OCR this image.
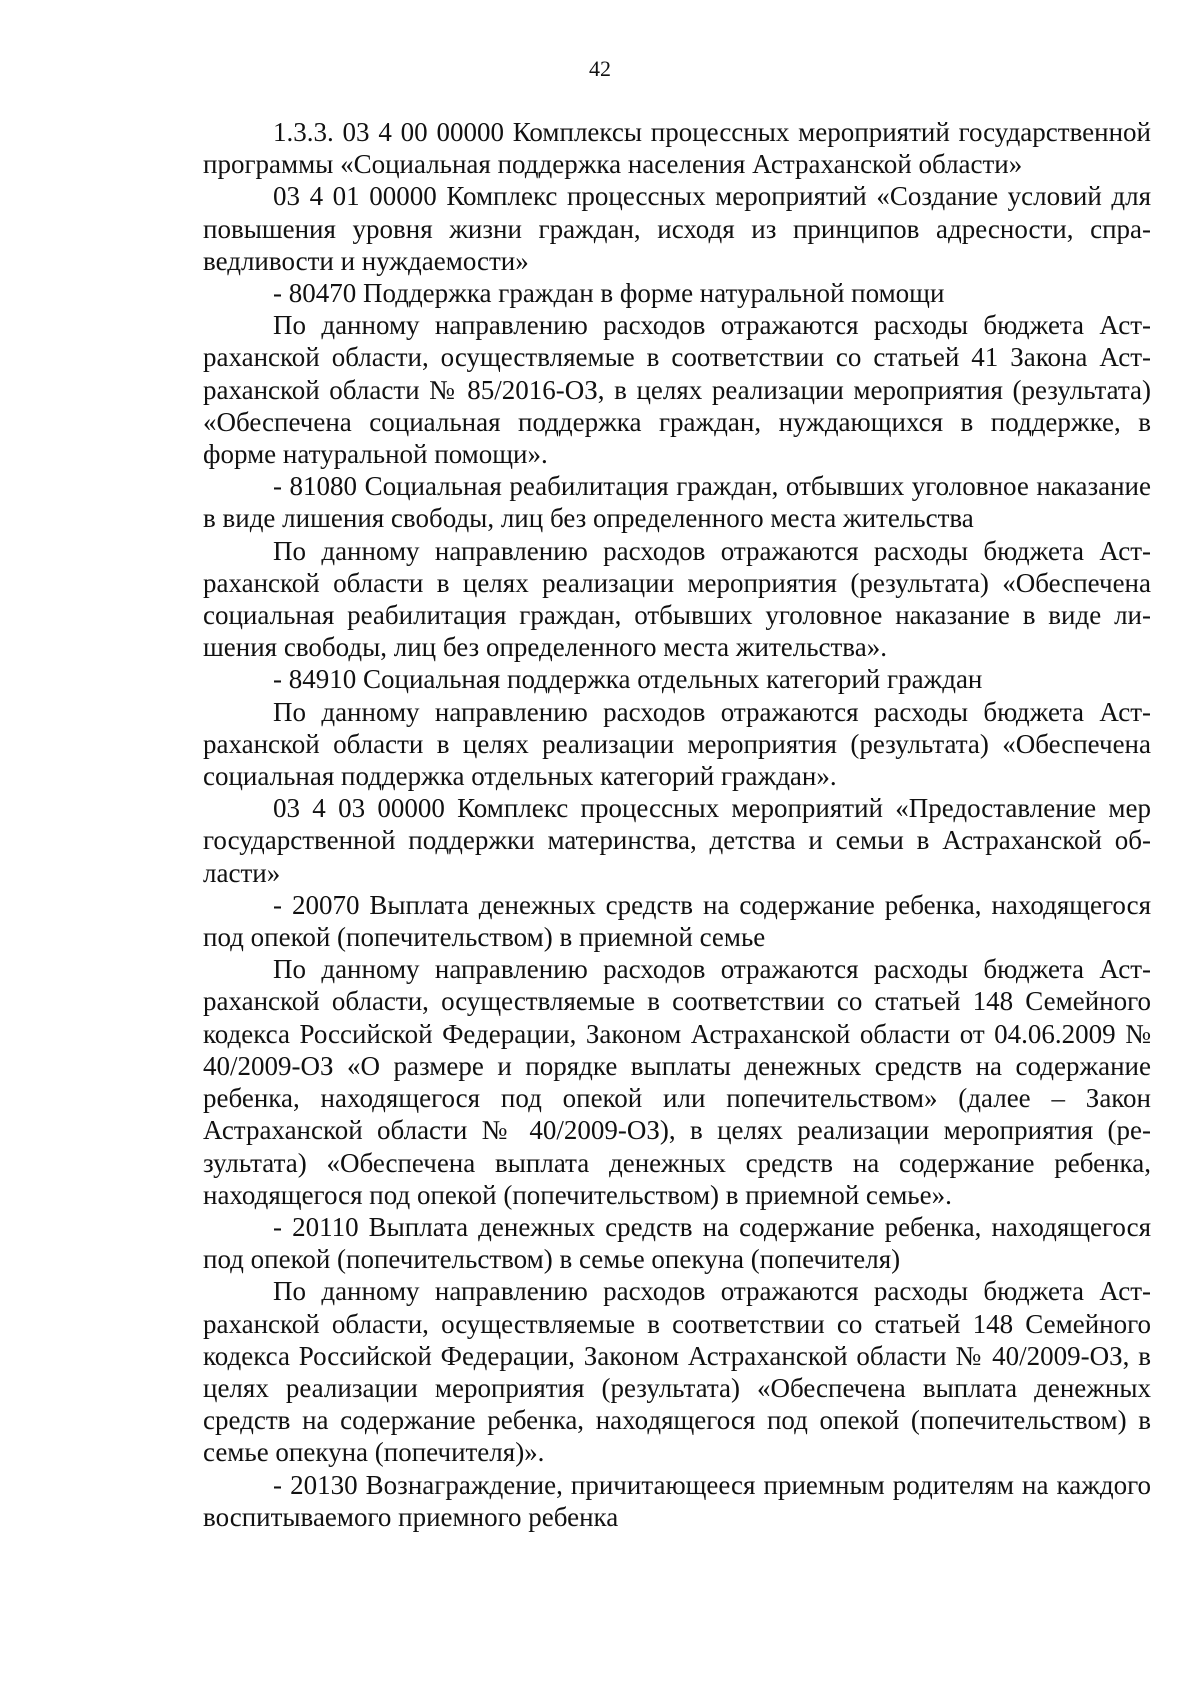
42

1.3.3. 03 4 00 00000 Комплексы процессных мероприятий государственной программы «Социальная поддержка населения Астраханской области»

03 4 01 00000 Комплекс процессных мероприятий «Создание условий для повышения уровня жизни граждан, исходя из принципов адресности, справедливости и нуждаемости»

- 80470 Поддержка граждан в форме натуральной помощи

По данному направлению расходов отражаются расходы бюджета Астраханской области, осуществляемые в соответствии со статьей 41 Закона Астраханской области № 85/2016-ОЗ, в целях реализации мероприятия (результата) «Обеспечена социальная поддержка граждан, нуждающихся в поддержке, в форме натуральной помощи».

- 81080 Социальная реабилитация граждан, отбывших уголовное наказание в виде лишения свободы, лиц без определенного места жительства

По данному направлению расходов отражаются расходы бюджета Астраханской области в целях реализации мероприятия (результата) «Обеспечена социальная реабилитация граждан, отбывших уголовное наказание в виде лишения свободы, лиц без определенного места жительства».

- 84910 Социальная поддержка отдельных категорий граждан

По данному направлению расходов отражаются расходы бюджета Астраханской области в целях реализации мероприятия (результата) «Обеспечена социальная поддержка отдельных категорий граждан».

03 4 03 00000 Комплекс процессных мероприятий «Предоставление мер государственной поддержки материнства, детства и семьи в Астраханской области»

- 20070 Выплата денежных средств на содержание ребенка, находящегося под опекой (попечительством) в приемной семье

По данному направлению расходов отражаются расходы бюджета Астраханской области, осуществляемые в соответствии со статьей 148 Семейного кодекса Российской Федерации, Законом Астраханской области от 04.06.2009 № 40/2009-ОЗ «О размере и порядке выплаты денежных средств на содержание ребенка, находящегося под опекой или попечительством» (далее – Закон Астраханской области № 40/2009-ОЗ), в целях реализации мероприятия (результата) «Обеспечена выплата денежных средств на содержание ребенка, находящегося под опекой (попечительством) в приемной семье».

- 20110 Выплата денежных средств на содержание ребенка, находящегося под опекой (попечительством) в семье опекуна (попечителя)

По данному направлению расходов отражаются расходы бюджета Астраханской области, осуществляемые в соответствии со статьей 148 Семейного кодекса Российской Федерации, Законом Астраханской области № 40/2009-ОЗ, в целях реализации мероприятия (результата) «Обеспечена выплата денежных средств на содержание ребенка, находящегося под опекой (попечительством) в семье опекуна (попечителя)».

- 20130 Вознаграждение, причитающееся приемным родителям на каждого воспитываемого приемного ребенка
